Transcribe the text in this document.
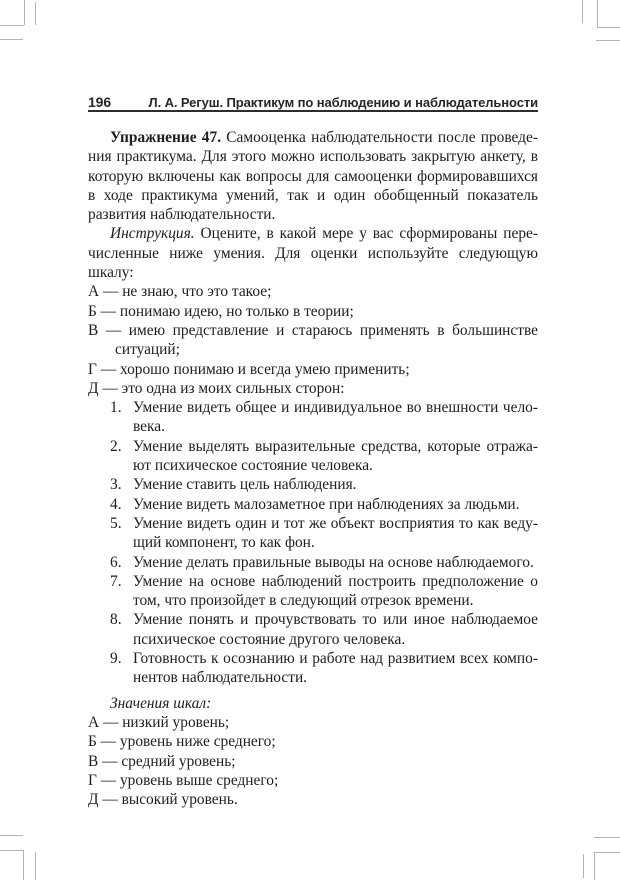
196	Л. А. Регуш. Практикум по наблюдению и наблюдательности

Упражнение 47. Самооценка наблюдательности после проведения практикума. Для этого можно использовать закрытую анкету, в которую включены как вопросы для самооценки формировавшихся в ходе практикума умений, так и один обобщенный показатель развития наблюдательности.

Инструкция. Оцените, в какой мере у вас сформированы перечисленные ниже умения. Для оценки используйте следующую шкалу:

А — не знаю, что это такое;

Б — понимаю идею, но только в теории;

В — имею представление и стараюсь применять в большинстве ситуаций;

Г — хорошо понимаю и всегда умею применить;

Д — это одна из моих сильных сторон:

1. Умение видеть общее и индивидуальное во внешности человека.
2. Умение выделять выразительные средства, которые отражают психическое состояние человека.
3. Умение ставить цель наблюдения.
4. Умение видеть малозаметное при наблюдениях за людьми.
5. Умение видеть один и тот же объект восприятия то как ведущий компонент, то как фон.
6. Умение делать правильные выводы на основе наблюдаемого.
7. Умение на основе наблюдений построить предположение о том, что произойдет в следующий отрезок времени.
8. Умение понять и прочувствовать то или иное наблюдаемое психическое состояние другого человека.
9. Готовность к осознанию и работе над развитием всех компонентов наблюдательности.

Значения шкал:

А — низкий уровень;

Б — уровень ниже среднего;

В — средний уровень;

Г — уровень выше среднего;

Д — высокий уровень.
